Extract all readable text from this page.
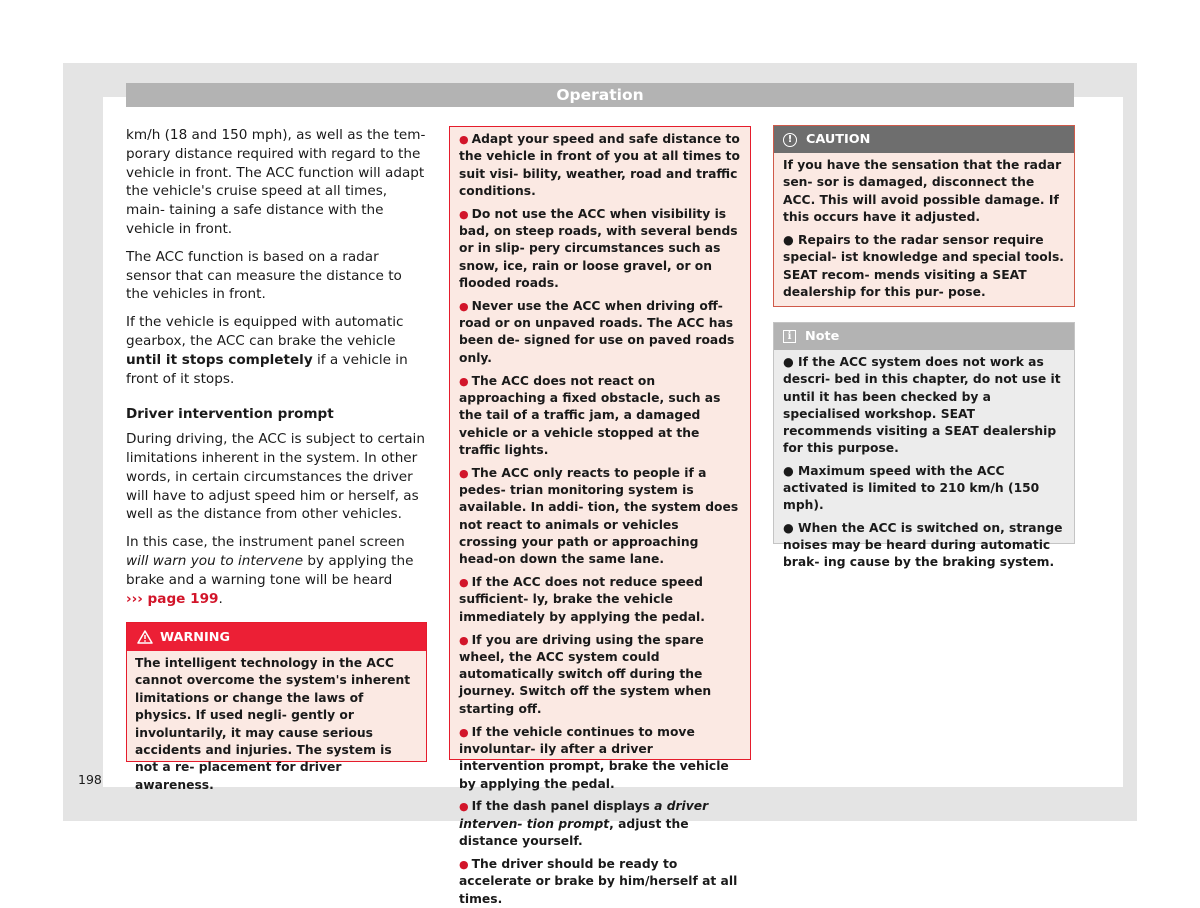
Operation

km/h (18 and 150 mph), as well as the tem- porary distance required with regard to the vehicle in front. The ACC function will adapt the vehicle's cruise speed at all times, main- taining a safe distance with the vehicle in front.

The ACC function is based on a radar sensor that can measure the distance to the vehicles in front.

If the vehicle is equipped with automatic gearbox, the ACC can brake the vehicle until it stops completely if a vehicle in front of it stops.

Driver intervention prompt

During driving, the ACC is subject to certain limitations inherent in the system. In other words, in certain circumstances the driver will have to adjust speed him or herself, as well as the distance from other vehicles.

In this case, the instrument panel screen will warn you to intervene by applying the brake and a warning tone will be heard
››› page 199.

WARNING
The intelligent technology in the ACC cannot overcome the system's inherent limitations or change the laws of physics. If used negli- gently or involuntarily, it may cause serious accidents and injuries. The system is not a re- placement for driver awareness.
● Adapt your speed and safe distance to the vehicle in front of you at all times to suit visi- bility, weather, road and traffic conditions.
● Do not use the ACC when visibility is bad, on steep roads, with several bends or in slip- pery circumstances such as snow, ice, rain or loose gravel, or on flooded roads.
● Never use the ACC when driving off-road or on unpaved roads. The ACC has been de- signed for use on paved roads only.
● The ACC does not react on approaching a fixed obstacle, such as the tail of a traffic jam, a damaged vehicle or a vehicle stopped at the traffic lights.
● The ACC only reacts to people if a pedes- trian monitoring system is available. In addi- tion, the system does not react to animals or vehicles crossing your path or approaching head-on down the same lane.
● If the ACC does not reduce speed sufficient- ly, brake the vehicle immediately by applying the pedal.
● If you are driving using the spare wheel, the ACC system could automatically switch off during the journey. Switch off the system when starting off.
● If the vehicle continues to move involuntar- ily after a driver intervention prompt, brake the vehicle by applying the pedal.
● If the dash panel displays a driver interven- tion prompt, adjust the distance yourself.
● The driver should be ready to accelerate or brake by him/herself at all times.
!	CAUTION

If you have the sensation that the radar sen- sor is damaged, disconnect the ACC. This will avoid possible damage. If this occurs have it adjusted.

● Repairs to the radar sensor require special- ist knowledge and special tools. SEAT recom- mends visiting a SEAT dealership for this pur- pose.

i	Note

● If the ACC system does not work as descri- bed in this chapter, do not use it until it has been checked by a specialised workshop. SEAT recommends visiting a SEAT dealership for this purpose.

● Maximum speed with the ACC activated is limited to 210 km/h (150 mph).

● When the ACC is switched on, strange noises may be heard during automatic brak- ing cause by the braking system.

198
